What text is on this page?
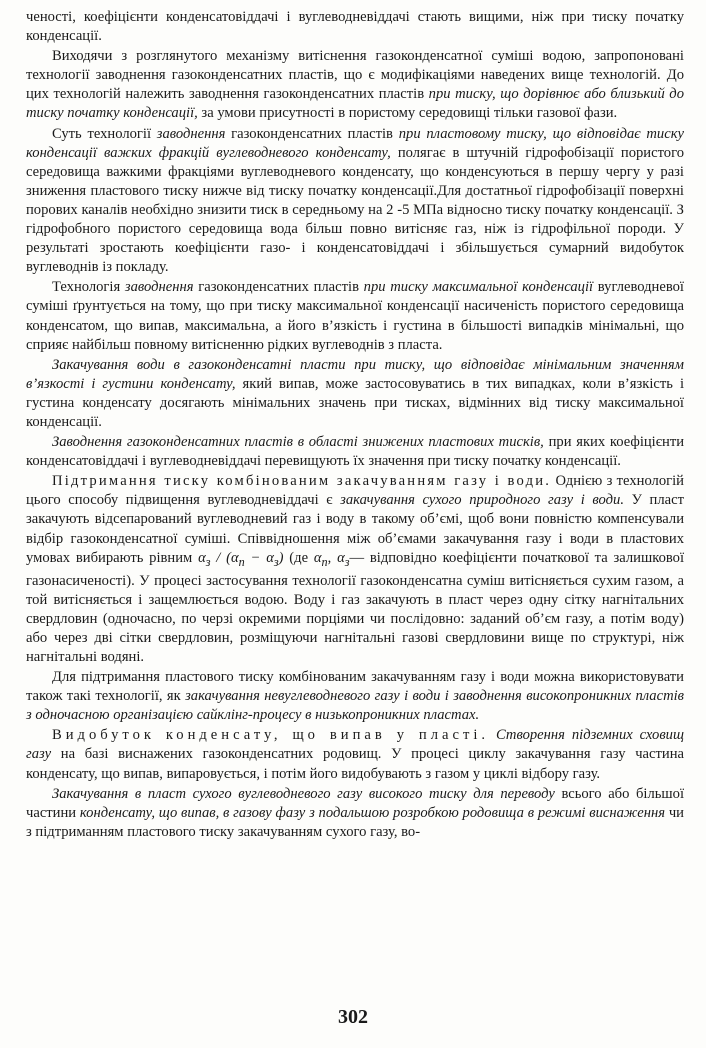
ченості, коефіцієнти конденсатовіддачі і вуглеводневіддачі стають вищими, ніж при тиску початку конденсації.

Виходячи з розглянутого механізму витіснення газоконденсатної суміші водою, запропоновані технології заводнення газоконденсатних пластів, що є модифікаціями наведених вище технологій. До цих технологій належить заводнення газоконденсатних пластів при тиску, що дорівнює або близький до тиску початку конденсації, за умови присутності в пористому середовищі тільки газової фази.

Суть технології заводнення газоконденсатних пластів при пластовому тиску, що відповідає тиску конденсації важких фракцій вуглеводневого конденсату, полягає в штучній гідрофобізації пористого середовища важкими фракціями вуглеводневого конденсату, що конденсуються в першу чергу у разі зниження пластового тиску нижче від тиску початку конденсації.Для достатньої гідрофобізації поверхні порових каналів необхідно знизити тиск в середньому на 2 -5 МПа відносно тиску початку конденсації. З гідрофобного пористого середовища вода більш повно витісняє газ, ніж із гідрофільної породи. У результаті зростають коефіцієнти газо- і конденсатовіддачі і збільшується сумарний видобуток вуглеводнів із покладу.

Технологія заводнення газоконденсатних пластів при тиску максимальної конденсації вуглеводневої суміші ґрунтується на тому, що при тиску максимальної конденсації насиченість пористого середовища конденсатом, що випав, максимальна, а його в’язкість і густина в більшості випадків мінімальні, що сприяє найбільш повному витісненню рідких вуглеводнів з пласта.

Закачування води в газоконденсатні пласти при тиску, що відповідає мінімальним значенням в’язкості і густини конденсату, який випав, може застосовуватись в тих випадках, коли в’язкість і густина конденсату досягають мінімальних значень при тисках, відмінних від тиску максимальної конденсації.

Заводнення газоконденсатних пластів в області знижених пластових тисків, при яких коефіцієнти конденсатовіддачі і вуглеводневіддачі перевищують їх значення при тиску початку конденсації.

Підтримання тиску комбінованим закачуванням газу і води. Однією з технологій цього способу підвищення вуглеводневіддачі є закачування сухого природного газу і води. У пласт закачують відсепарований вуглеводневий газ і воду в такому об’ємі, щоб вони повністю компенсували відбір газоконденсатної суміші. Співвідношення між об’ємами закачування газу і води в пластових умовах вибирають рівним $\alpha_з / (\alpha_п - \alpha_з)$ (де $\alpha_п$, $\alpha_з—$ відповідно коефіцієнти початкової та залишкової газонасиченості). У процесі застосування технології газоконденсатна суміш витісняється сухим газом, а той витісняється і защемлюється водою. Воду і газ закачують в пласт через одну сітку нагнітальних свердловин (одночасно, по черзі окремими порціями чи послідовно: заданий об’єм газу, а потім воду) або через дві сітки свердловин, розміщуючи нагнітальні газові свердловини вище по структурі, ніж нагнітальні водяні.

Для підтримання пластового тиску комбінованим закачуванням газу і води можна використовувати також такі технології, як закачування невуглеводневого газу і води і заводнення високопроникних пластів з одночасною організацією сайклінг-процесу в низькопроникних пластах.

Видобуток конденсату, що випав у пласті. Створення підземних сховищ газу на базі виснажених газоконденсатних родовищ. У процесі циклу закачування газу частина конденсату, що випав, випаровується, і потім його видобувають з газом у циклі відбору газу.

Закачування в пласт сухого вуглеводневого газу високого тиску для переводу всього або більшої частини конденсату, що випав, в газову фазу з подальшою розробкою родовища в режимі виснаження чи з підтриманням пластового тиску закачуванням сухого газу, во-

302
